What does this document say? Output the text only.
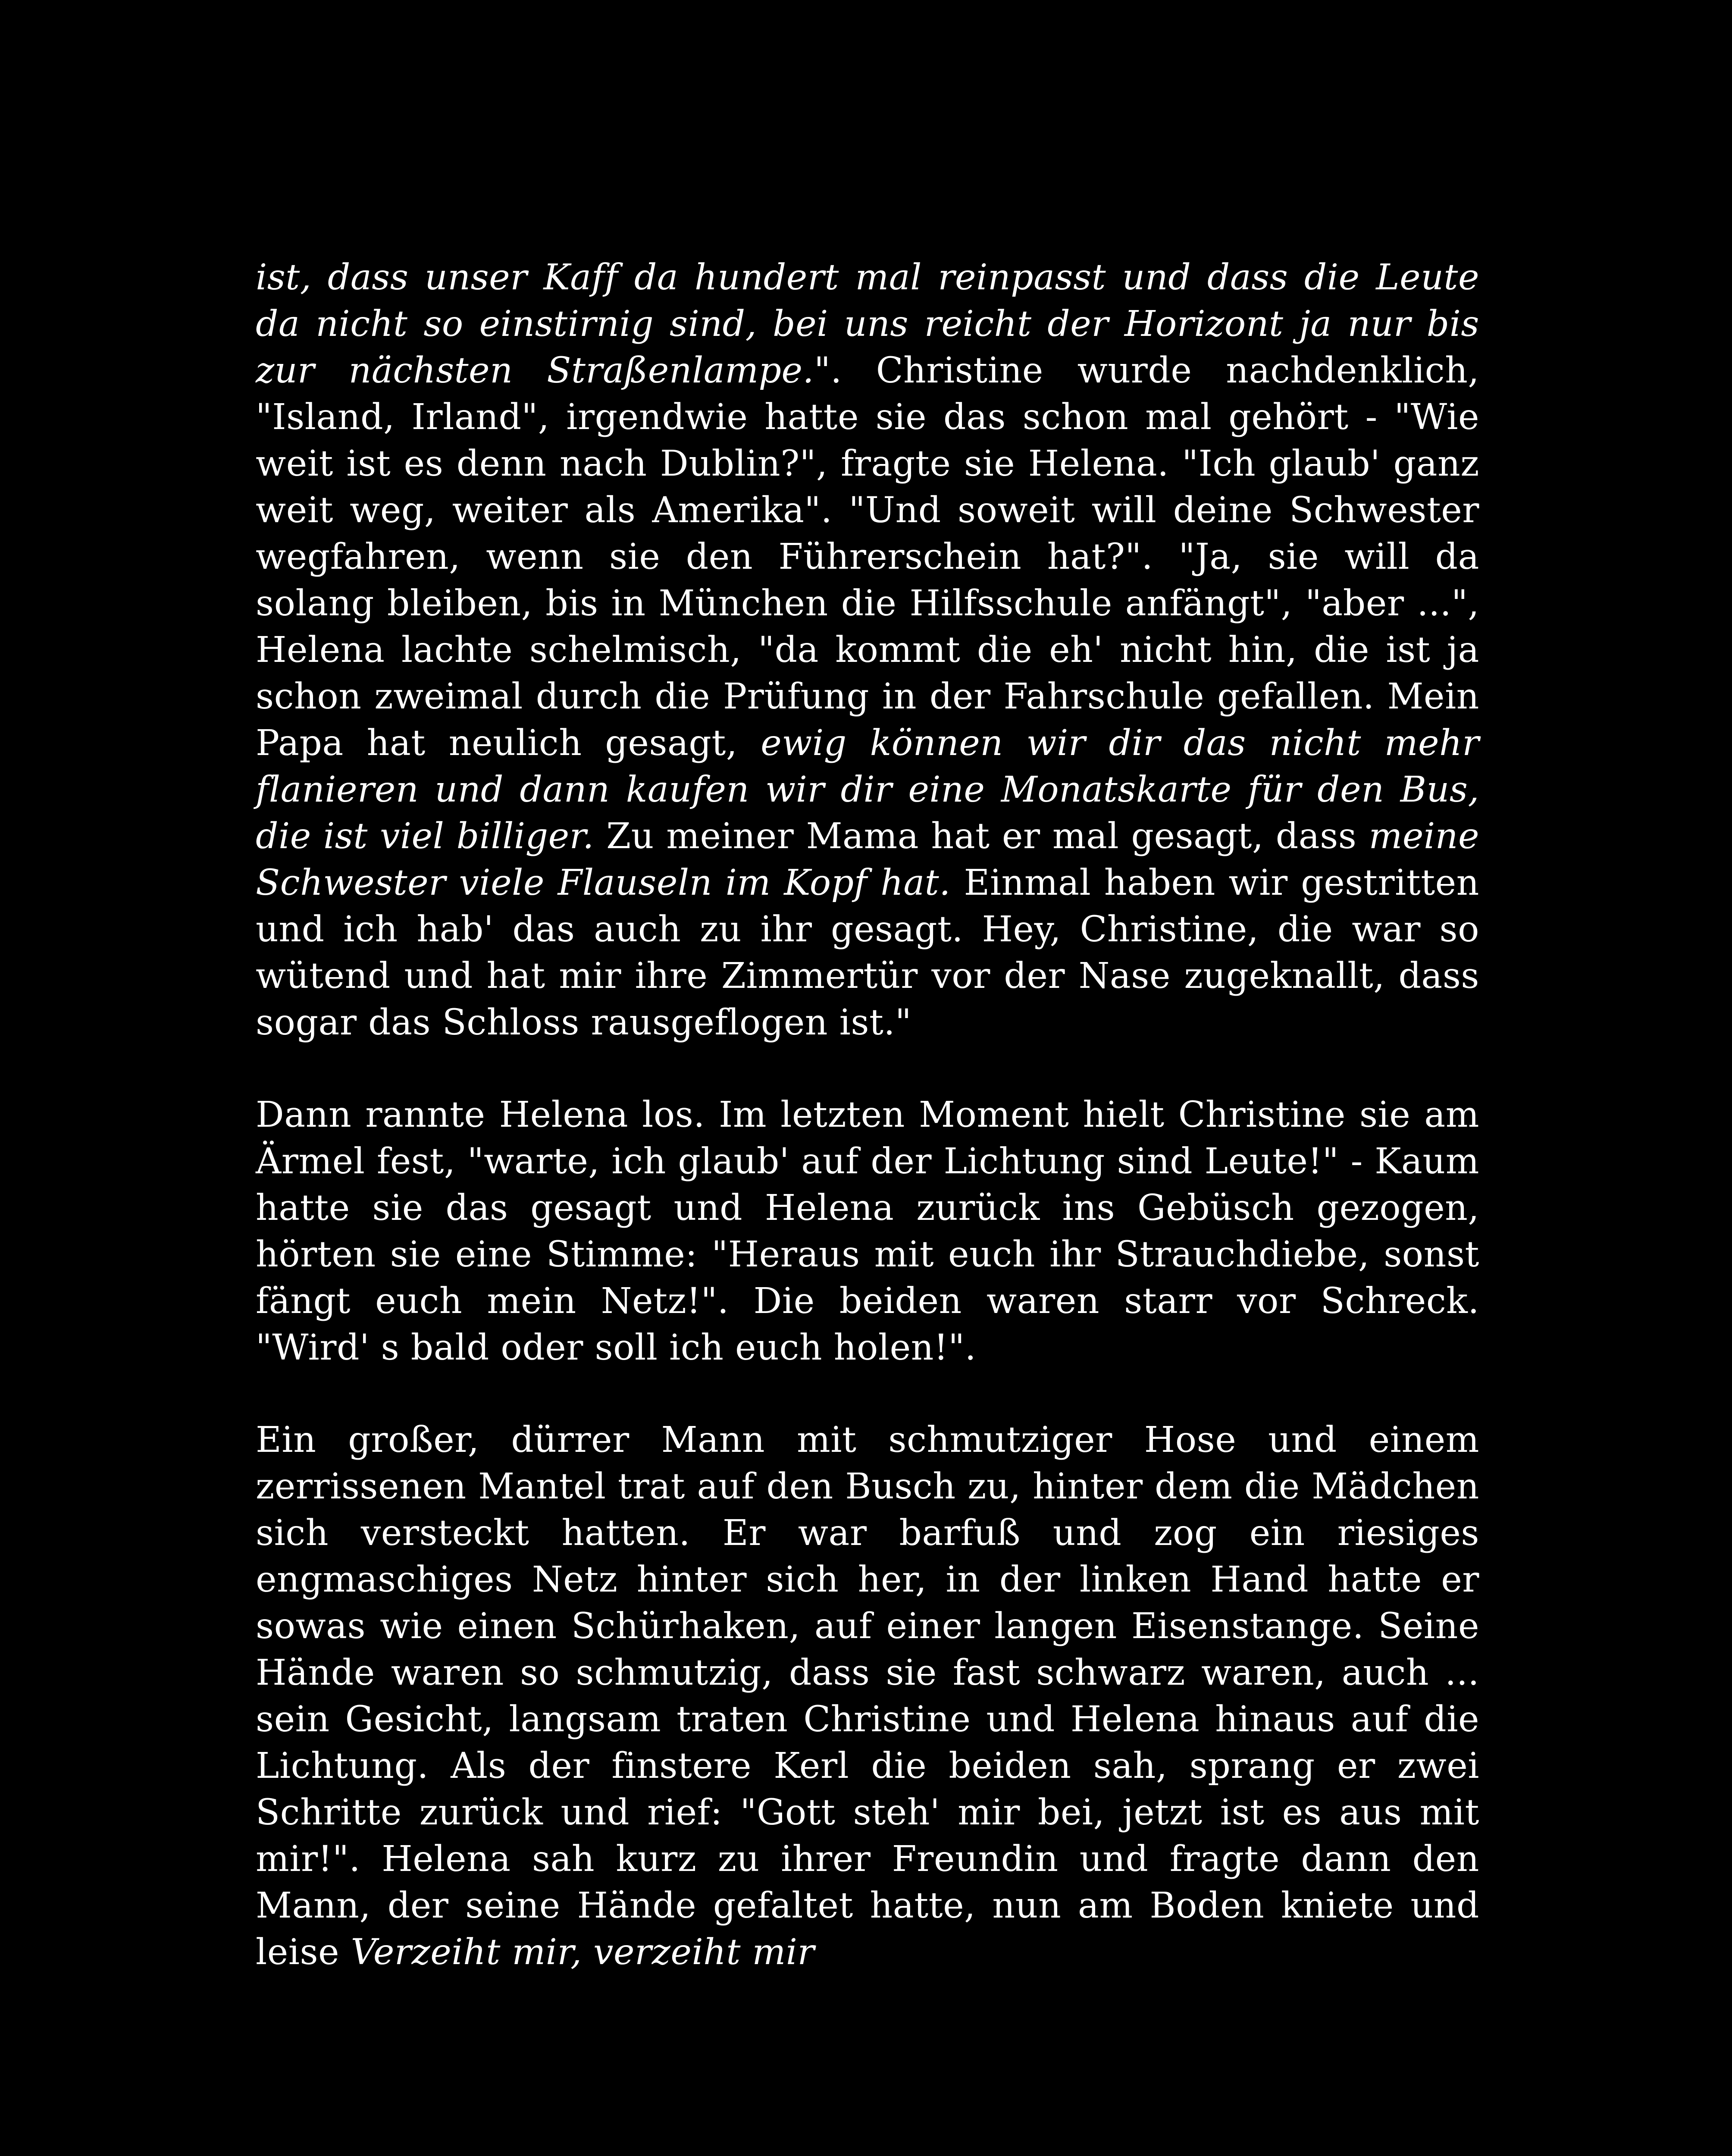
ist, dass unser Kaff da hundert mal reinpasst und dass die Leute da nicht so einstirnig sind, bei uns reicht der Horizont ja nur bis zur nächsten Straßenlampe.". Christine wurde nachdenklich, "Island, Irland", irgendwie hatte sie das schon mal gehört - "Wie weit ist es denn nach Dublin?", fragte sie Helena. "Ich glaub' ganz weit weg, weiter als Amerika". "Und soweit will deine Schwester wegfahren, wenn sie den Führerschein hat?". "Ja, sie will da solang bleiben, bis in München die Hilfsschule anfängt", "aber ...", Helena lachte schelmisch, "da kommt die eh' nicht hin, die ist ja schon zweimal durch die Prüfung in der Fahrschule gefallen. Mein Papa hat neulich gesagt, ewig können wir dir das nicht mehr flanieren und dann kaufen wir dir eine Monatskarte für den Bus, die ist viel billiger. Zu meiner Mama hat er mal gesagt, dass meine Schwester viele Flauseln im Kopf hat. Einmal haben wir gestritten und ich hab' das auch zu ihr gesagt. Hey, Christine, die war so wütend und hat mir ihre Zimmertür vor der Nase zugeknallt, dass sogar das Schloss rausgeflogen ist."

Dann rannte Helena los. Im letzten Moment hielt Christine sie am Ärmel fest, "warte, ich glaub' auf der Lichtung sind Leute!" - Kaum hatte sie das gesagt und Helena zurück ins Gebüsch gezogen, hörten sie eine Stimme: "Heraus mit euch ihr Strauchdiebe, sonst fängt euch mein Netz!". Die beiden waren starr vor Schreck. "Wird' s bald oder soll ich euch holen!".

Ein großer, dürrer Mann mit schmutziger Hose und einem zerrissenen Mantel trat auf den Busch zu, hinter dem die Mädchen sich versteckt hatten. Er war barfuß und zog ein riesiges engmaschiges Netz hinter sich her, in der linken Hand hatte er sowas wie einen Schürhaken, auf einer langen Eisenstange. Seine Hände waren so schmutzig, dass sie fast schwarz waren, auch ... sein Gesicht, langsam traten Christine und Helena hinaus auf die Lichtung. Als der finstere Kerl die beiden sah, sprang er zwei Schritte zurück und rief: "Gott steh' mir bei, jetzt ist es aus mit mir!". Helena sah kurz zu ihrer Freundin und fragte dann den Mann, der seine Hände gefaltet hatte, nun am Boden kniete und leise Verzeiht mir, verzeiht mir
